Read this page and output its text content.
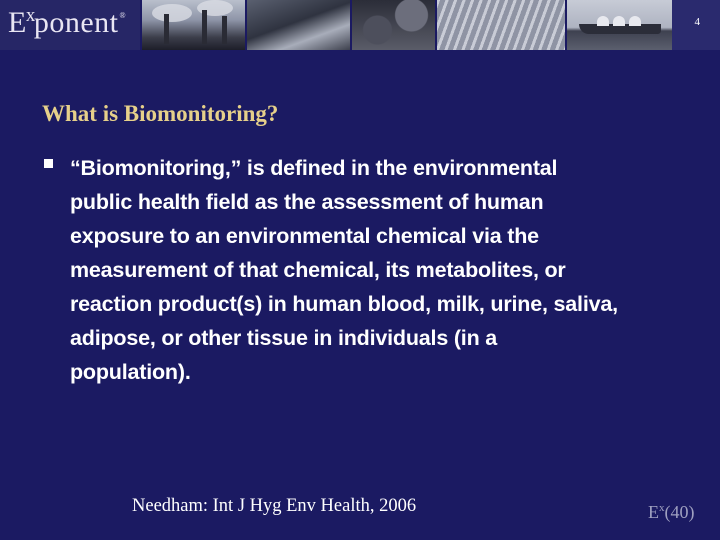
$E^xponent®$
4
What is Biomonitoring?
“Biomonitoring,” is defined in the environmental
public health field as the assessment of human
exposure to an environmental chemical via the
measurement of that chemical, its metabolites, or
reaction product(s) in human blood, milk, urine, saliva,
adipose, or other tissue in individuals (in a
population).
Needham: Int J Hyg Env Health, 2006	$E^x(40)$
